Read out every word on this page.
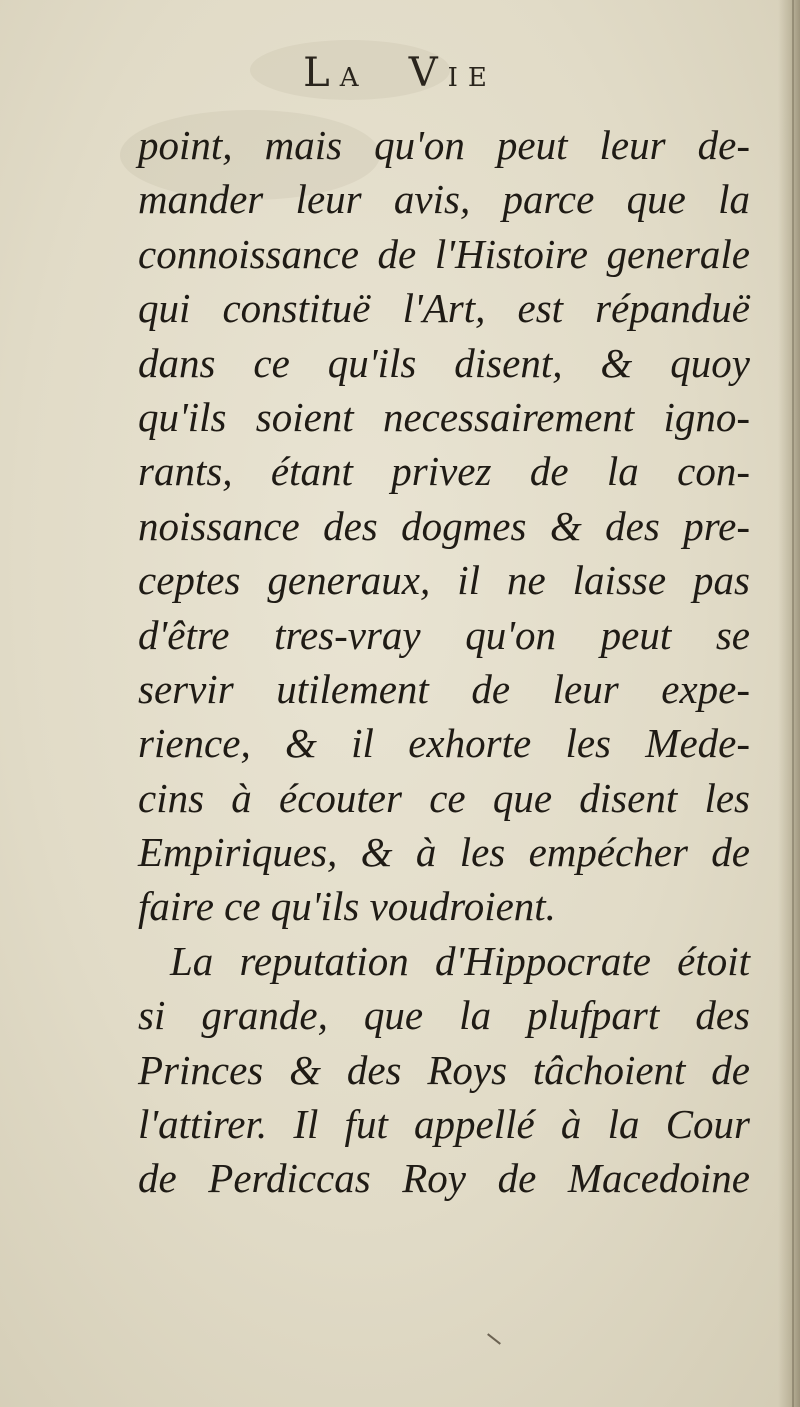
LA VIE
point, mais qu'on peut leur de-
mander leur avis, parce que la
connoissance de l'Histoire generale
qui constituë l'Art, est répanduë
dans ce qu'ils disent, & quoy
qu'ils soient necessairement igno-
rants, étant privez de la con-
noissance des dogmes & des pre-
ceptes generaux, il ne laisse pas
d'être tres-vray qu'on peut se
servir utilement de leur expe-
rience, & il exhorte les Mede-
cins à écouter ce que disent les
Empiriques, & à les empécher de
faire ce qu'ils voudroient.
La reputation d'Hippocrate étoit
si grande, que la plufpart des
Princes & des Roys tâchoient de
l'attirer. Il fut appellé à la Cour
de Perdiccas Roy de Macedoine
